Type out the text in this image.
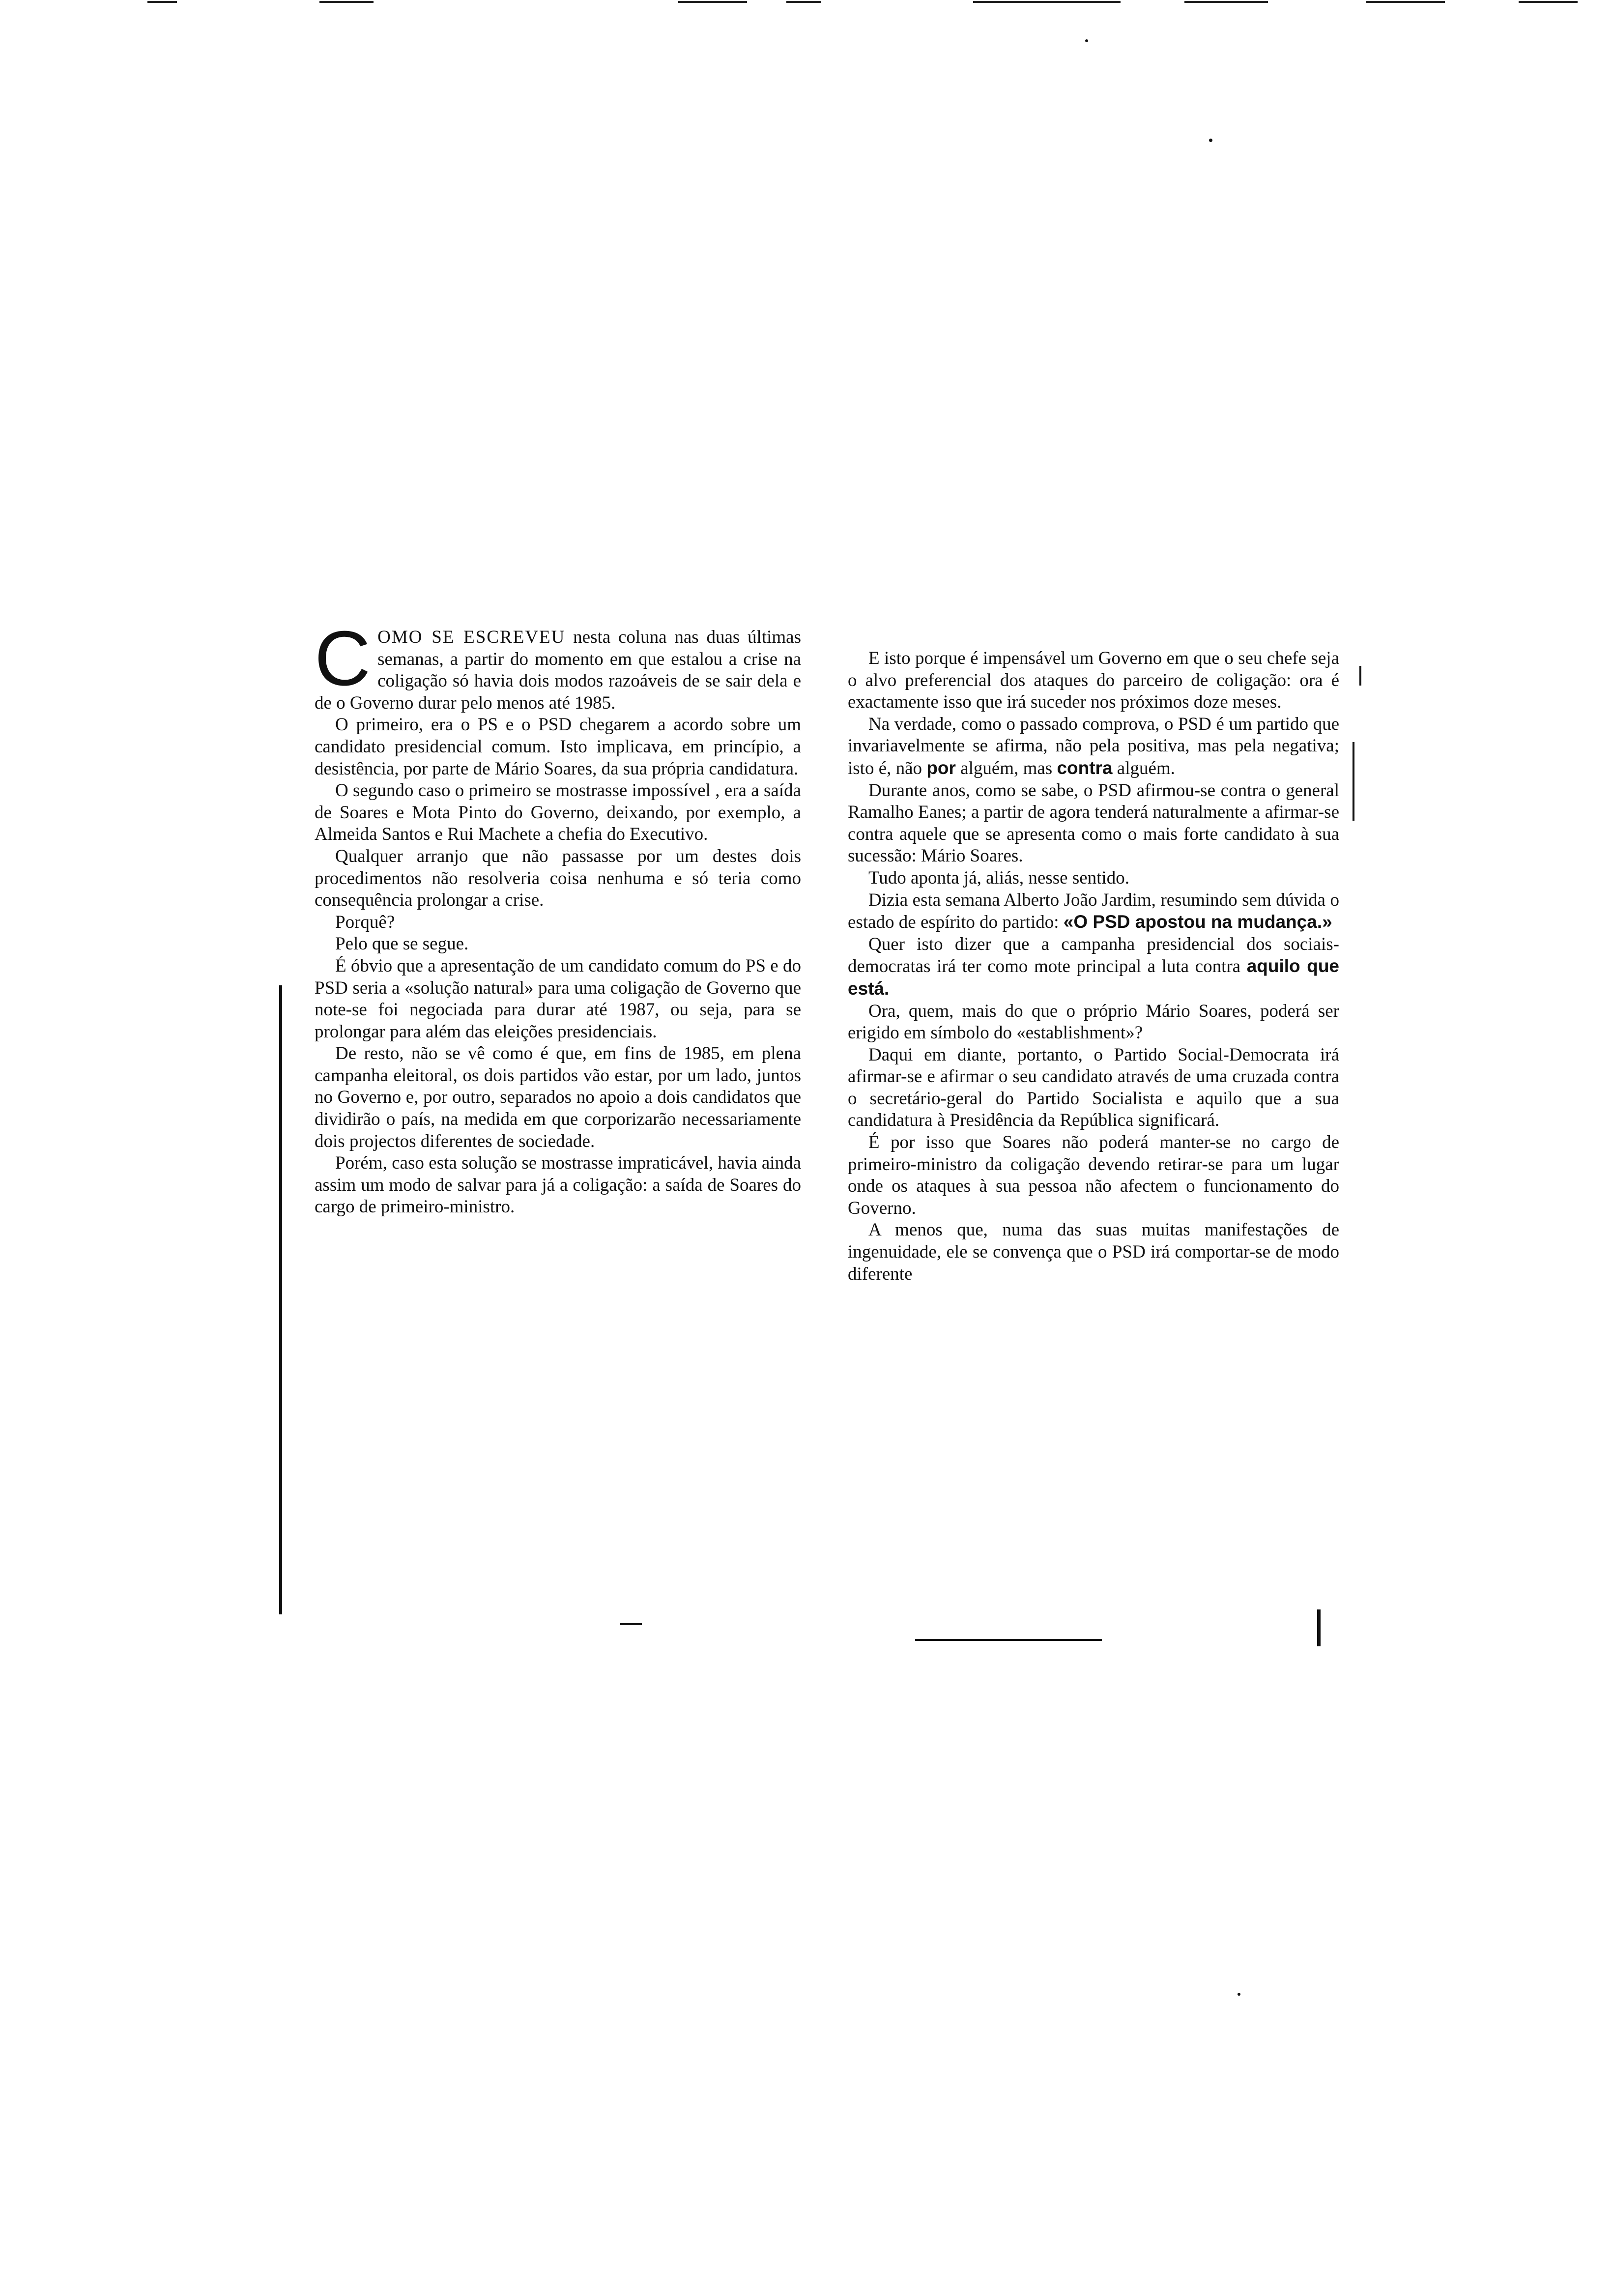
COMO SE ESCREVEU nesta coluna nas duas últimas semanas, a partir do momento em que estalou a crise na coligação só havia dois modos razoáveis de se sair dela e de o Governo durar pelo menos até 1985.

O primeiro, era o PS e o PSD chegarem a acordo sobre um candidato presidencial comum. Isto implicava, em princípio, a desistência, por parte de Mário Soares, da sua própria candidatura.

O segundo caso o primeiro se mostrasse impossível , era a saída de Soares e Mota Pinto do Governo, deixando, por exemplo, a Almeida Santos e Rui Machete a chefia do Executivo.

Qualquer arranjo que não passasse por um destes dois procedimentos não resolveria coisa nenhuma e só teria como consequência prolongar a crise.

Porquê?

Pelo que se segue.

É óbvio que a apresentação de um candidato comum do PS e do PSD seria a «solução natural» para uma coligação de Governo que note-se foi negociada para durar até 1987, ou seja, para se prolongar para além das eleições presidenciais.

De resto, não se vê como é que, em fins de 1985, em plena campanha eleitoral, os dois partidos vão estar, por um lado, juntos no Governo e, por outro, separados no apoio a dois candidatos que dividirão o país, na medida em que corporizarão necessariamente dois projectos diferentes de sociedade.

Porém, caso esta solução se mostrasse impraticável, havia ainda assim um modo de salvar para já a coligação: a saída de Soares do cargo de primeiro-ministro.

E isto porque é impensável um Governo em que o seu chefe seja o alvo preferencial dos ataques do parceiro de coligação: ora é exactamente isso que irá suceder nos próximos doze meses.

Na verdade, como o passado comprova, o PSD é um partido que invariavelmente se afirma, não pela positiva, mas pela negativa; isto é, não por alguém, mas contra alguém.

Durante anos, como se sabe, o PSD afirmou-se contra o general Ramalho Eanes; a partir de agora tenderá naturalmente a afirmar-se contra aquele que se apresenta como o mais forte candidato à sua sucessão: Mário Soares.

Tudo aponta já, aliás, nesse sentido.

Dizia esta semana Alberto João Jardim, resumindo sem dúvida o estado de espírito do partido: «O PSD apostou na mudança.»

Quer isto dizer que a campanha presidencial dos sociais-democratas irá ter como mote principal a luta contra aquilo que está.

Ora, quem, mais do que o próprio Mário Soares, poderá ser erigido em símbolo do «establishment»?

Daqui em diante, portanto, o Partido Social-Democrata irá afirmar-se e afirmar o seu candidato através de uma cruzada contra o secretário-geral do Partido Socialista e aquilo que a sua candidatura à Presidência da República significará.

É por isso que Soares não poderá manter-se no cargo de primeiro-ministro da coligação devendo retirar-se para um lugar onde os ataques à sua pessoa não afectem o funcionamento do Governo.

A menos que, numa das suas muitas manifestações de ingenuidade, ele se convença que o PSD irá comportar-se de modo diferente
